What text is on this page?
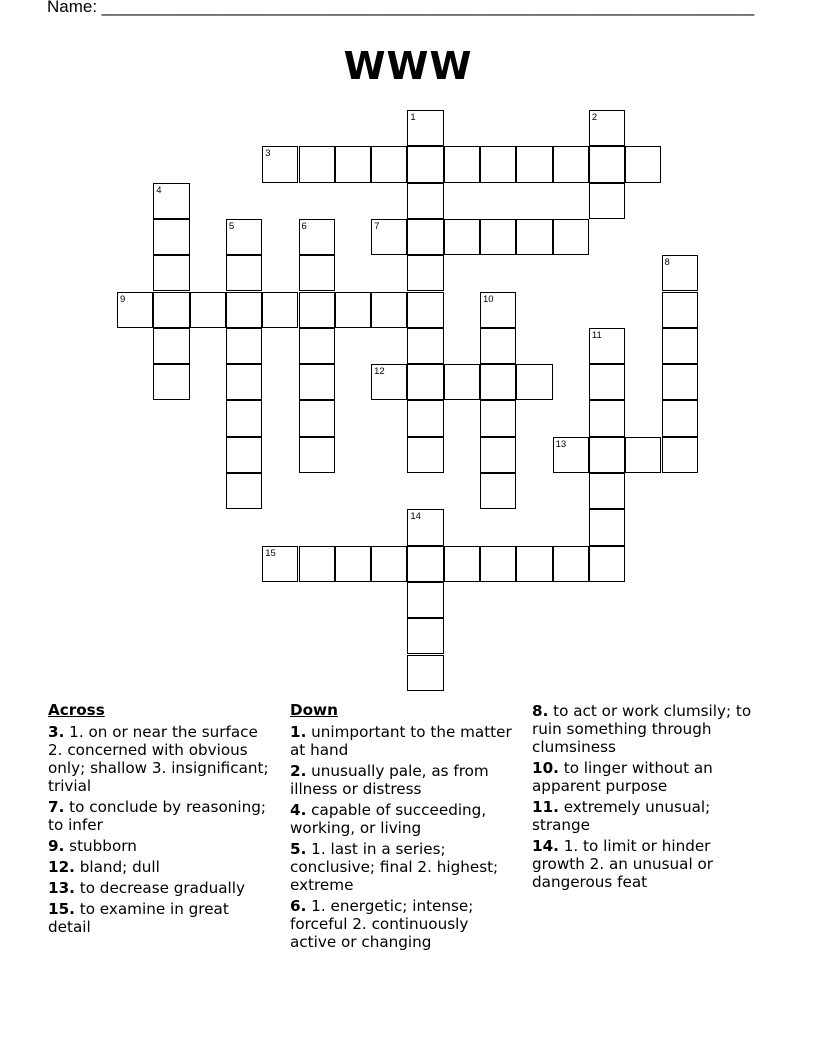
Name: _____________________________________________________________________
WWW
1	2
3
4
5	6	7
8
9	10
11
12
13
14
15
Across
3. 1. on or near the surface 2. concerned with obvious only; shallow 3. insignificant; trivial
7. to conclude by reasoning; to infer
9. stubborn
12. bland; dull
13. to decrease gradually
15. to examine in great detail
Down
1. unimportant to the matter at hand
2. unusually pale, as from illness or distress
4. capable of succeeding, working, or living
5. 1. last in a series; conclusive; final 2. highest; extreme
6. 1. energetic; intense; forceful 2. continuously active or changing
8. to act or work clumsily; to ruin something through clumsiness
10. to linger without an apparent purpose
11. extremely unusual; strange
14. 1. to limit or hinder growth 2. an unusual or dangerous feat
